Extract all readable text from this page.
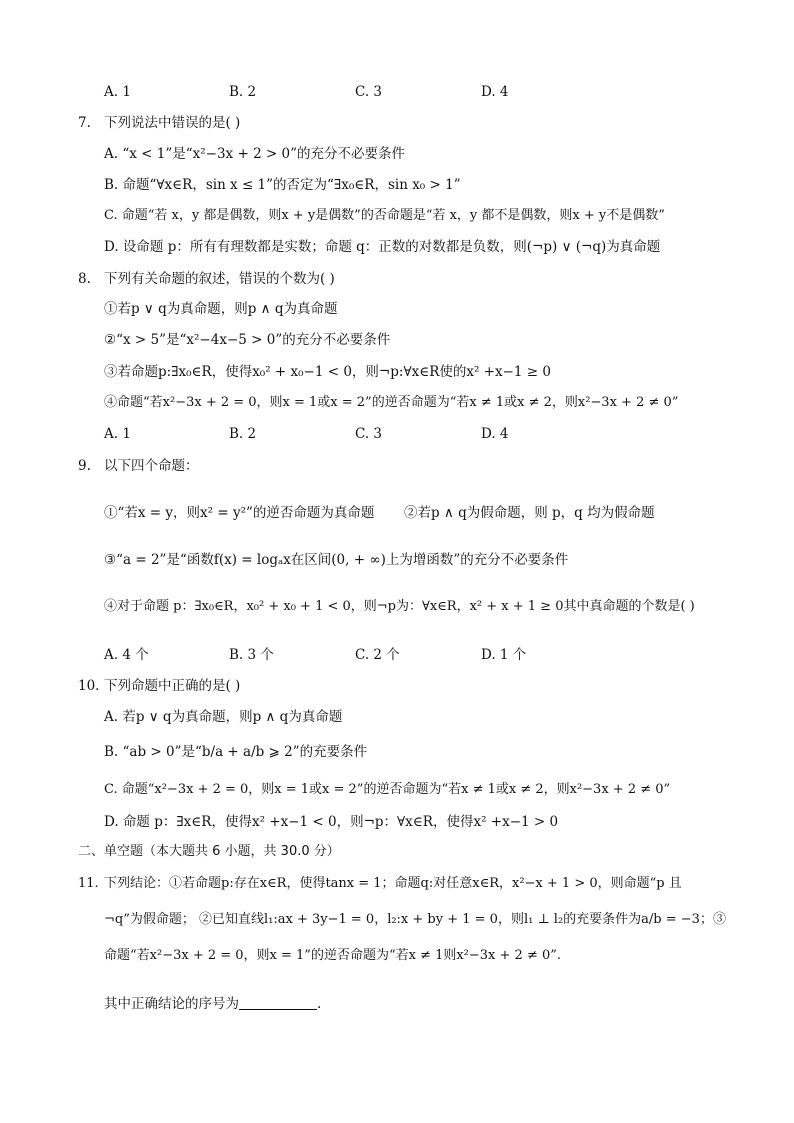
A. 1	B. 2	C. 3	D. 4
7. 下列说法中错误的是( )
A. “x < 1”是“x²−3x + 2 > 0”的充分不必要条件
B. 命题“∀x∈R，sin x ≤ 1”的否定为“∃x₀∈R，sin x₀ > 1”
C. 命题“若 x，y 都是偶数，则x + y是偶数”的否命题是“若 x，y 都不是偶数，则x + y不是偶数”
D. 设命题 p：所有有理数都是实数；命题 q：正数的对数都是负数，则(¬p) ∨ (¬q)为真命题
8. 下列有关命题的叙述，错误的个数为( )
①若p ∨ q为真命题，则p ∧ q为真命题
②“x > 5”是“x²−4x−5 > 0”的充分不必要条件
③若命题p:∃x₀∈R，使得x₀² + x₀−1 < 0，则¬p:∀x∈R使的x² +x−1 ≥ 0
④命题“若x²−3x + 2 = 0，则x = 1或x = 2”的逆否命题为“若x ≠ 1或x ≠ 2，则x²−3x + 2 ≠ 0”
A. 1	B. 2	C. 3	D. 4
9. 以下四个命题：
①“若x = y，则x² = y²”的逆否命题为真命题 ②若p ∧ q为假命题，则 p，q 均为假命题
③“a = 2”是“函数f(x) = logₐx在区间(0, + ∞)上为增函数”的充分不必要条件
④对于命题 p：∃x₀∈R，x₀² + x₀ + 1 < 0，则¬p为：∀x∈R，x² + x + 1 ≥ 0其中真命题的个数是( )
A. 4 个	B. 3 个	C. 2 个	D. 1 个
10. 下列命题中正确的是( )
A. 若p ∨ q为真命题，则p ∧ q为真命题
B. “ab > 0”是“b/a + a/b ⩾ 2”的充要条件
C. 命题“x²−3x + 2 = 0，则x = 1或x = 2”的逆否命题为“若x ≠ 1或x ≠ 2，则x²−3x + 2 ≠ 0”
D. 命题 p：∃x∈R，使得x² +x−1 < 0，则¬p：∀x∈R，使得x² +x−1 > 0
二、单空题（本大题共 6 小题，共 30.0 分）
11. 下列结论：①若命题p:存在x∈R，使得tanx = 1；命题q:对任意x∈R，x²−x + 1 > 0，则命题“p 且
¬q”为假命题； ②已知直线l₁:ax + 3y−1 = 0，l₂:x + by + 1 = 0，则l₁ ⊥ l₂的充要条件为a/b = −3；③
命题“若x²−3x + 2 = 0，则x = 1”的逆否命题为“若x ≠ 1则x²−3x + 2 ≠ 0”.
其中正确结论的序号为	.
